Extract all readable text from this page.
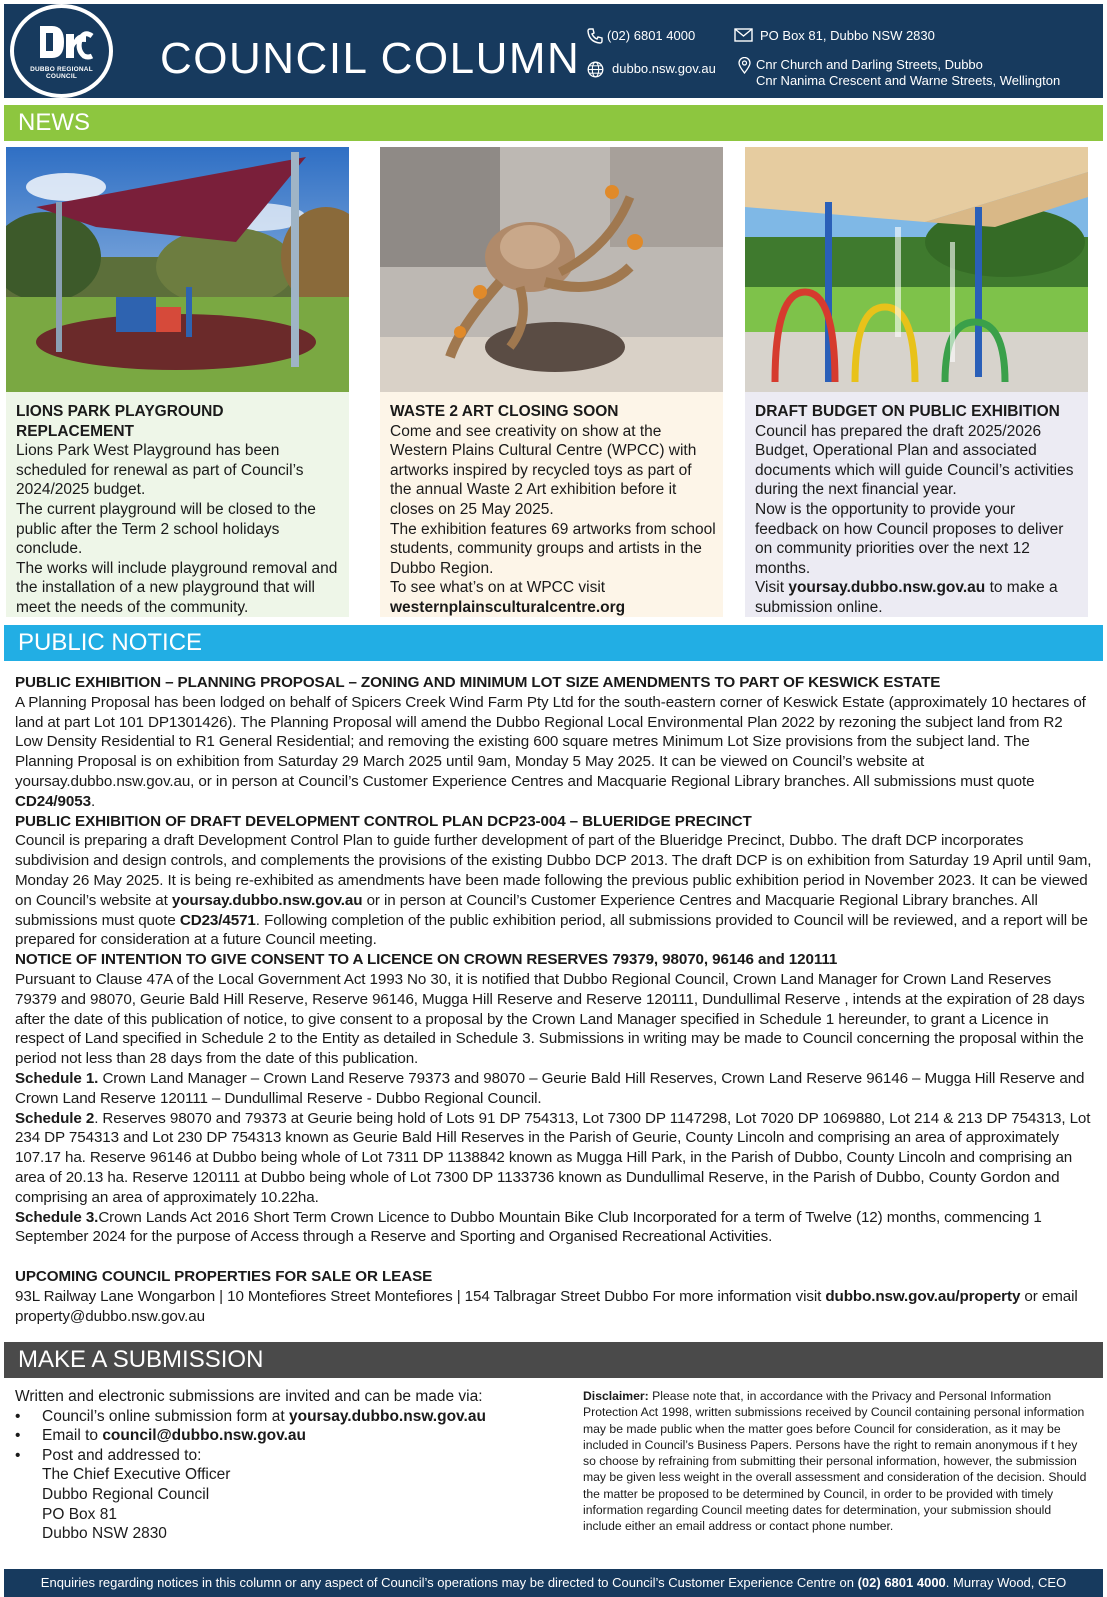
COUNCIL COLUMN (02) 6801 4000
dubbo.nsw.gov.au
PO Box 81, Dubbo NSW 2830
Cnr Church and Darling Streets, Dubbo
Cnr Nanima Crescent and Warne Streets, Wellington
DUBBO REGIONAL COUNCIL
NEWS

LIONS PARK PLAYGROUND REPLACEMENT

Lions Park West Playground has been scheduled for renewal as part of Council’s 2024/2025 budget.

The current playground will be closed to the public after the Term 2 school holidays conclude.

The works will include playground removal and the installation of a new playground that will meet the needs of the community.

WASTE 2 ART CLOSING SOON

Come and see creativity on show at the Western Plains Cultural Centre (WPCC) with artworks inspired by recycled toys as part of the annual Waste 2 Art exhibition before it closes on 25 May 2025.

The exhibition features 69 artworks from school students, community groups and artists in the Dubbo Region.

To see what’s on at WPCC visit

westernplainsculturalcentre.org

DRAFT BUDGET ON PUBLIC EXHIBITION

Council has prepared the draft 2025/2026 Budget, Operational Plan and associated documents which will guide Council’s activities during the next financial year.

Now is the opportunity to provide your feedback on how Council proposes to deliver on community priorities over the next 12 months.

Visit yoursay.dubbo.nsw.gov.au to make a submission online.

PUBLIC NOTICE

PUBLIC EXHIBITION – PLANNING PROPOSAL – ZONING AND MINIMUM LOT SIZE AMENDMENTS TO PART OF KESWICK ESTATE

A Planning Proposal has been lodged on behalf of Spicers Creek Wind Farm Pty Ltd for the south-eastern corner of Keswick Estate (approximately 10 hectares of land at part Lot 101 DP1301426). The Planning Proposal will amend the Dubbo Regional Local Environmental Plan 2022 by rezoning the subject land from R2 Low Density Residential to R1 General Residential; and removing the existing 600 square metres Minimum Lot Size provisions from the subject land. The Planning Proposal is on exhibition from Saturday 29 March 2025 until 9am, Monday 5 May 2025. It can be viewed on Council’s website at yoursay.dubbo.nsw.gov.au, or in person at Council’s Customer Experience Centres and Macquarie Regional Library branches. All submissions must quote CD24/9053.

PUBLIC EXHIBITION OF DRAFT DEVELOPMENT CONTROL PLAN DCP23-004 – BLUERIDGE PRECINCT

Council is preparing a draft Development Control Plan to guide further development of part of the Blueridge Precinct, Dubbo. The draft DCP incorporates subdivision and design controls, and complements the provisions of the existing Dubbo DCP 2013. The draft DCP is on exhibition from Saturday 19 April until 9am, Monday 26 May 2025. It is being re-exhibited as amendments have been made following the previous public exhibition period in November 2023. It can be viewed on Council’s website at yoursay.dubbo.nsw.gov.au or in person at Council’s Customer Experience Centres and Macquarie Regional Library branches. All submissions must quote CD23/4571. Following completion of the public exhibition period, all submissions provided to Council will be reviewed, and a report will be prepared for consideration at a future Council meeting.

NOTICE OF INTENTION TO GIVE CONSENT TO A LICENCE ON CROWN RESERVES 79379, 98070, 96146 and 120111

Pursuant to Clause 47A of the Local Government Act 1993 No 30, it is notified that Dubbo Regional Council, Crown Land Manager for Crown Land Reserves 79379 and 98070, Geurie Bald Hill Reserve, Reserve 96146, Mugga Hill Reserve and Reserve 120111, Dundullimal Reserve , intends at the expiration of 28 days after the date of this publication of notice, to give consent to a proposal by the Crown Land Manager specified in Schedule 1 hereunder, to grant a Licence in respect of Land specified in Schedule 2 to the Entity as detailed in Schedule 3. Submissions in writing may be made to Council concerning the proposal within the period not less than 28 days from the date of this publication.

Schedule 1. Crown Land Manager – Crown Land Reserve 79373 and 98070 – Geurie Bald Hill Reserves, Crown Land Reserve 96146 – Mugga Hill Reserve and Crown Land Reserve 120111 – Dundullimal Reserve - Dubbo Regional Council.

Schedule 2. Reserves 98070 and 79373 at Geurie being hold of Lots 91 DP 754313, Lot 7300 DP 1147298, Lot 7020 DP 1069880, Lot 214 & 213 DP 754313, Lot 234 DP 754313 and Lot 230 DP 754313 known as Geurie Bald Hill Reserves in the Parish of Geurie, County Lincoln and comprising an area of approximately 107.17 ha. Reserve 96146 at Dubbo being whole of Lot 7311 DP 1138842 known as Mugga Hill Park, in the Parish of Dubbo, County Lincoln and comprising an area of 20.13 ha. Reserve 120111 at Dubbo being whole of Lot 7300 DP 1133736 known as Dundullimal Reserve, in the Parish of Dubbo, County Gordon and comprising an area of approximately 10.22ha.

Schedule 3.Crown Lands Act 2016 Short Term Crown Licence to Dubbo Mountain Bike Club Incorporated for a term of Twelve (12) months, commencing 1 September 2024 for the purpose of Access through a Reserve and Sporting and Organised Recreational Activities.

UPCOMING COUNCIL PROPERTIES FOR SALE OR LEASE

93L Railway Lane Wongarbon | 10 Montefiores Street Montefiores | 154 Talbragar Street Dubbo For more information visit dubbo.nsw.gov.au/property or email property@dubbo.nsw.gov.au

MAKE A SUBMISSION

Written and electronic submissions are invited and can be made via:

• Council’s online submission form at yoursay.dubbo.nsw.gov.au
• Email to council@dubbo.nsw.gov.au
• Post and addressed to:
The Chief Executive Officer
Dubbo Regional Council
PO Box 81
Dubbo NSW 2830
Disclaimer: Please note that, in accordance with the Privacy and Personal Information Protection Act 1998, written submissions received by Council containing personal information may be made public when the matter goes before Council for consideration, as it may be included in Council’s Business Papers. Persons have the right to remain anonymous if t hey so choose by refraining from submitting their personal information, however, the submission may be given less weight in the overall assessment and consideration of the decision. Should the matter be proposed to be determined by Council, in order to be provided with timely information regarding Council meeting dates for determination, your submission should include either an email address or contact phone number.
Enquiries regarding notices in this column or any aspect of Council’s operations may be directed to Council’s Customer Experience Centre on (02) 6801 4000. Murray Wood, CEO
